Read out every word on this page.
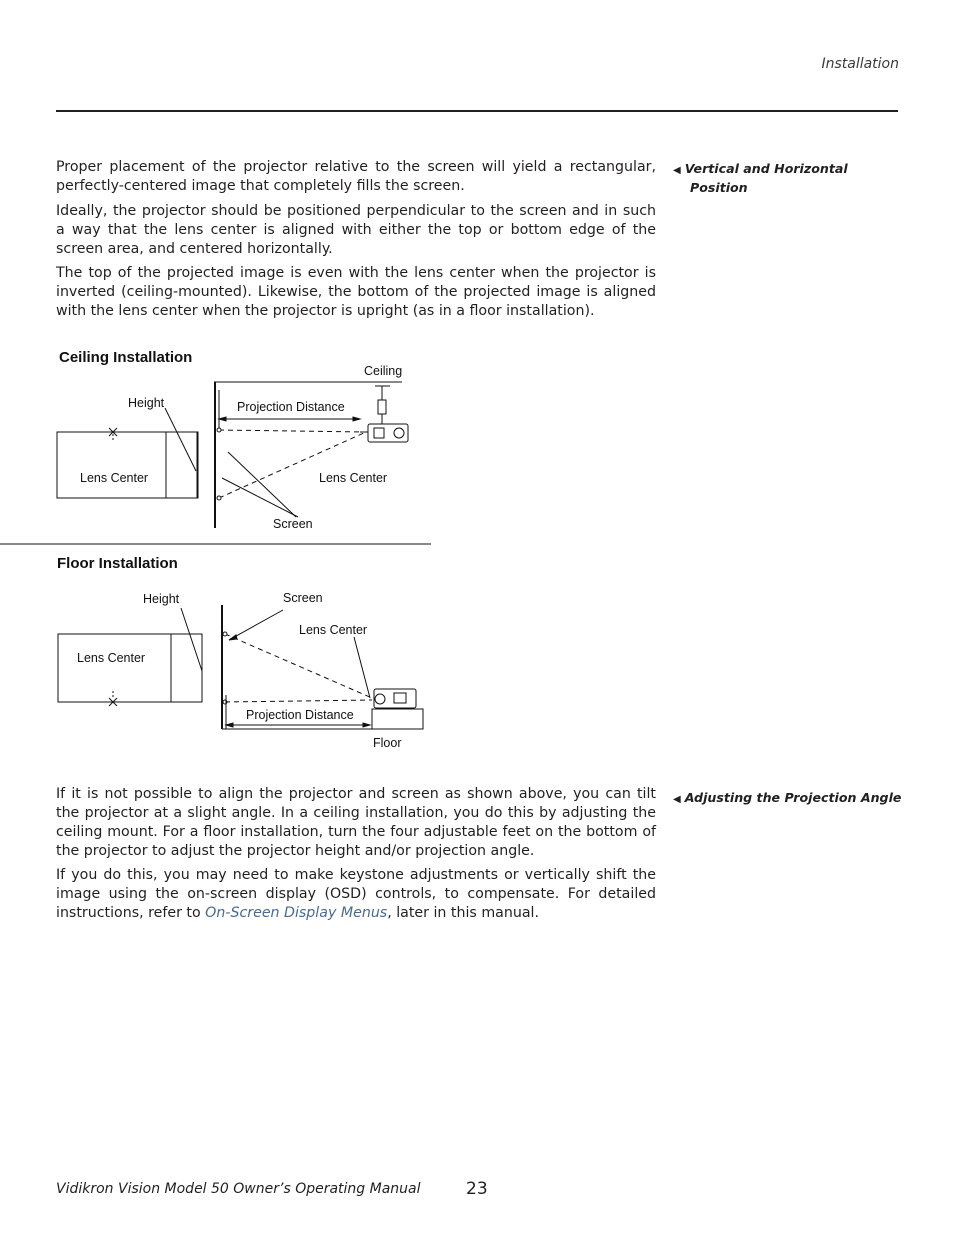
Installation

Proper placement of the projector relative to the screen will yield a rectangular, perfectly-centered image that completely fills the screen.

Ideally, the projector should be positioned perpendicular to the screen and in such a way that the lens center is aligned with either the top or bottom edge of the screen area, and centered horizontally.

The top of the projected image is even with the lens center when the projector is inverted (ceiling-mounted). Likewise, the bottom of the projected image is aligned with the lens center when the projector is upright (as in a floor installation).

◀ Vertical and Horizontal
Position
Ceiling Installation
Ceiling
Height	Projection Distance
Lens Center	Lens Center
Screen
Floor Installation
Height	Screen
Lens Center
Lens Center
Projection Distance
Floor

If it is not possible to align the projector and screen as shown above, you can tilt the projector at a slight angle. In a ceiling installation, you do this by adjusting the ceiling mount. For a floor installation, turn the four adjustable feet on the bottom of the projector to adjust the projector height and/or projection angle.

If you do this, you may need to make keystone adjustments or vertically shift the image using the on-screen display (OSD) controls, to compensate. For detailed instructions, refer to On-Screen Display Menus, later in this manual.

◀ Adjusting the Projection Angle
Vidikron Vision Model 50 Owner’s Operating Manual	23
